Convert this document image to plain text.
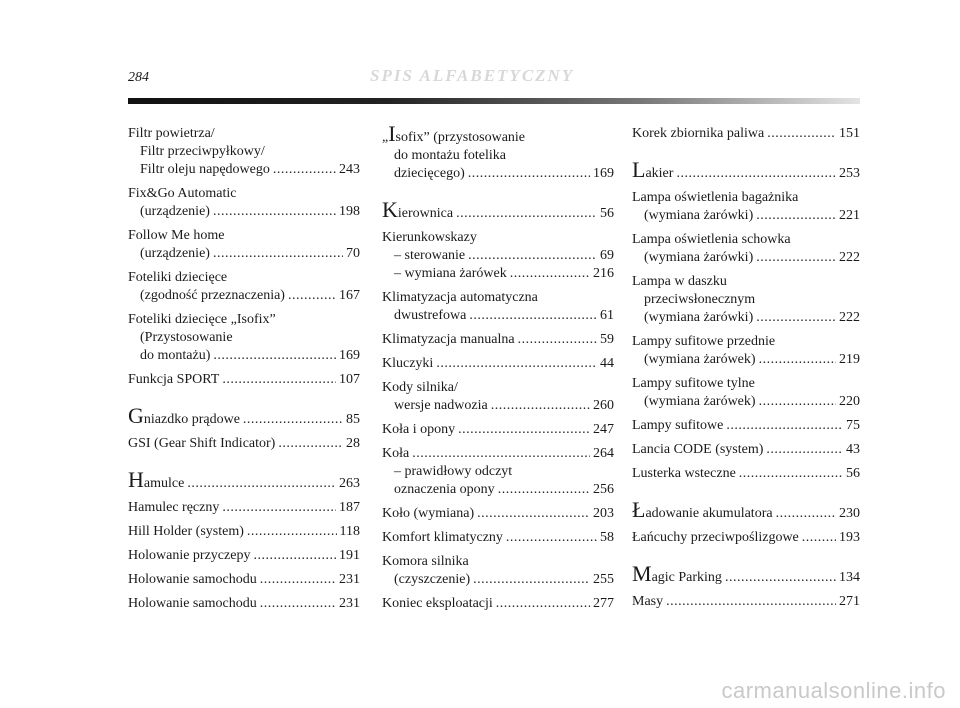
284	SPIS ALFABETYCZNY
Filtr powietrza/
Filtr przeciwpyłkowy/
Filtr oleju napędowego .....	243
Fix&Go Automatic
(urządzenie) .....	198
Follow Me home
(urządzenie) .....	70
Foteliki dziecięce
(zgodność przeznaczenia) .....	167
Foteliki dziecięce „Isofix”
(Przystosowanie
do montażu) .....	169
Funkcja SPORT .....	107
Gniazdko prądowe .....	85
GSI (Gear Shift Indicator) .....	28
Hamulce .....	263
Hamulec ręczny .....	187
Hill Holder (system) .....	118
Holowanie przyczepy .....	191
Holowanie samochodu .....	231
Holowanie samochodu .....	231
„Isofix” (przystosowanie
do montażu fotelika
dziecięcego) .....	169
Kierownica .....	56
Kierunkowskazy
– sterowanie .....	69
– wymiana żarówek .....	216
Klimatyzacja automatyczna
dwustrefowa .....	61
Klimatyzacja manualna .....	59
Kluczyki .....	44
Kody silnika/
wersje nadwozia .....	260
Koła i opony .....	247
Koła .....	264
– prawidłowy odczyt
oznaczenia opony .....	256
Koło (wymiana) .....	203
Komfort klimatyczny .....	58
Komora silnika
(czyszczenie) .....	255
Koniec eksploatacji .....	277
Korek zbiornika paliwa .....	151
Lakier .....	253
Lampa oświetlenia bagażnika
(wymiana żarówki) .....	221
Lampa oświetlenia schowka
(wymiana żarówki) .....	222
Lampa w daszku
przeciwsłonecznym
(wymiana żarówki) .....	222
Lampy sufitowe przednie
(wymiana żarówek) .....	219
Lampy sufitowe tylne
(wymiana żarówek) .....	220
Lampy sufitowe .....	75
Lancia CODE (system) .....	43
Lusterka wsteczne .....	56
Ładowanie akumulatora .....	230
Łańcuchy przeciwpoślizgowe .....	193
Magic Parking .....	134
Masy .....	271
carmanualsonline.info
